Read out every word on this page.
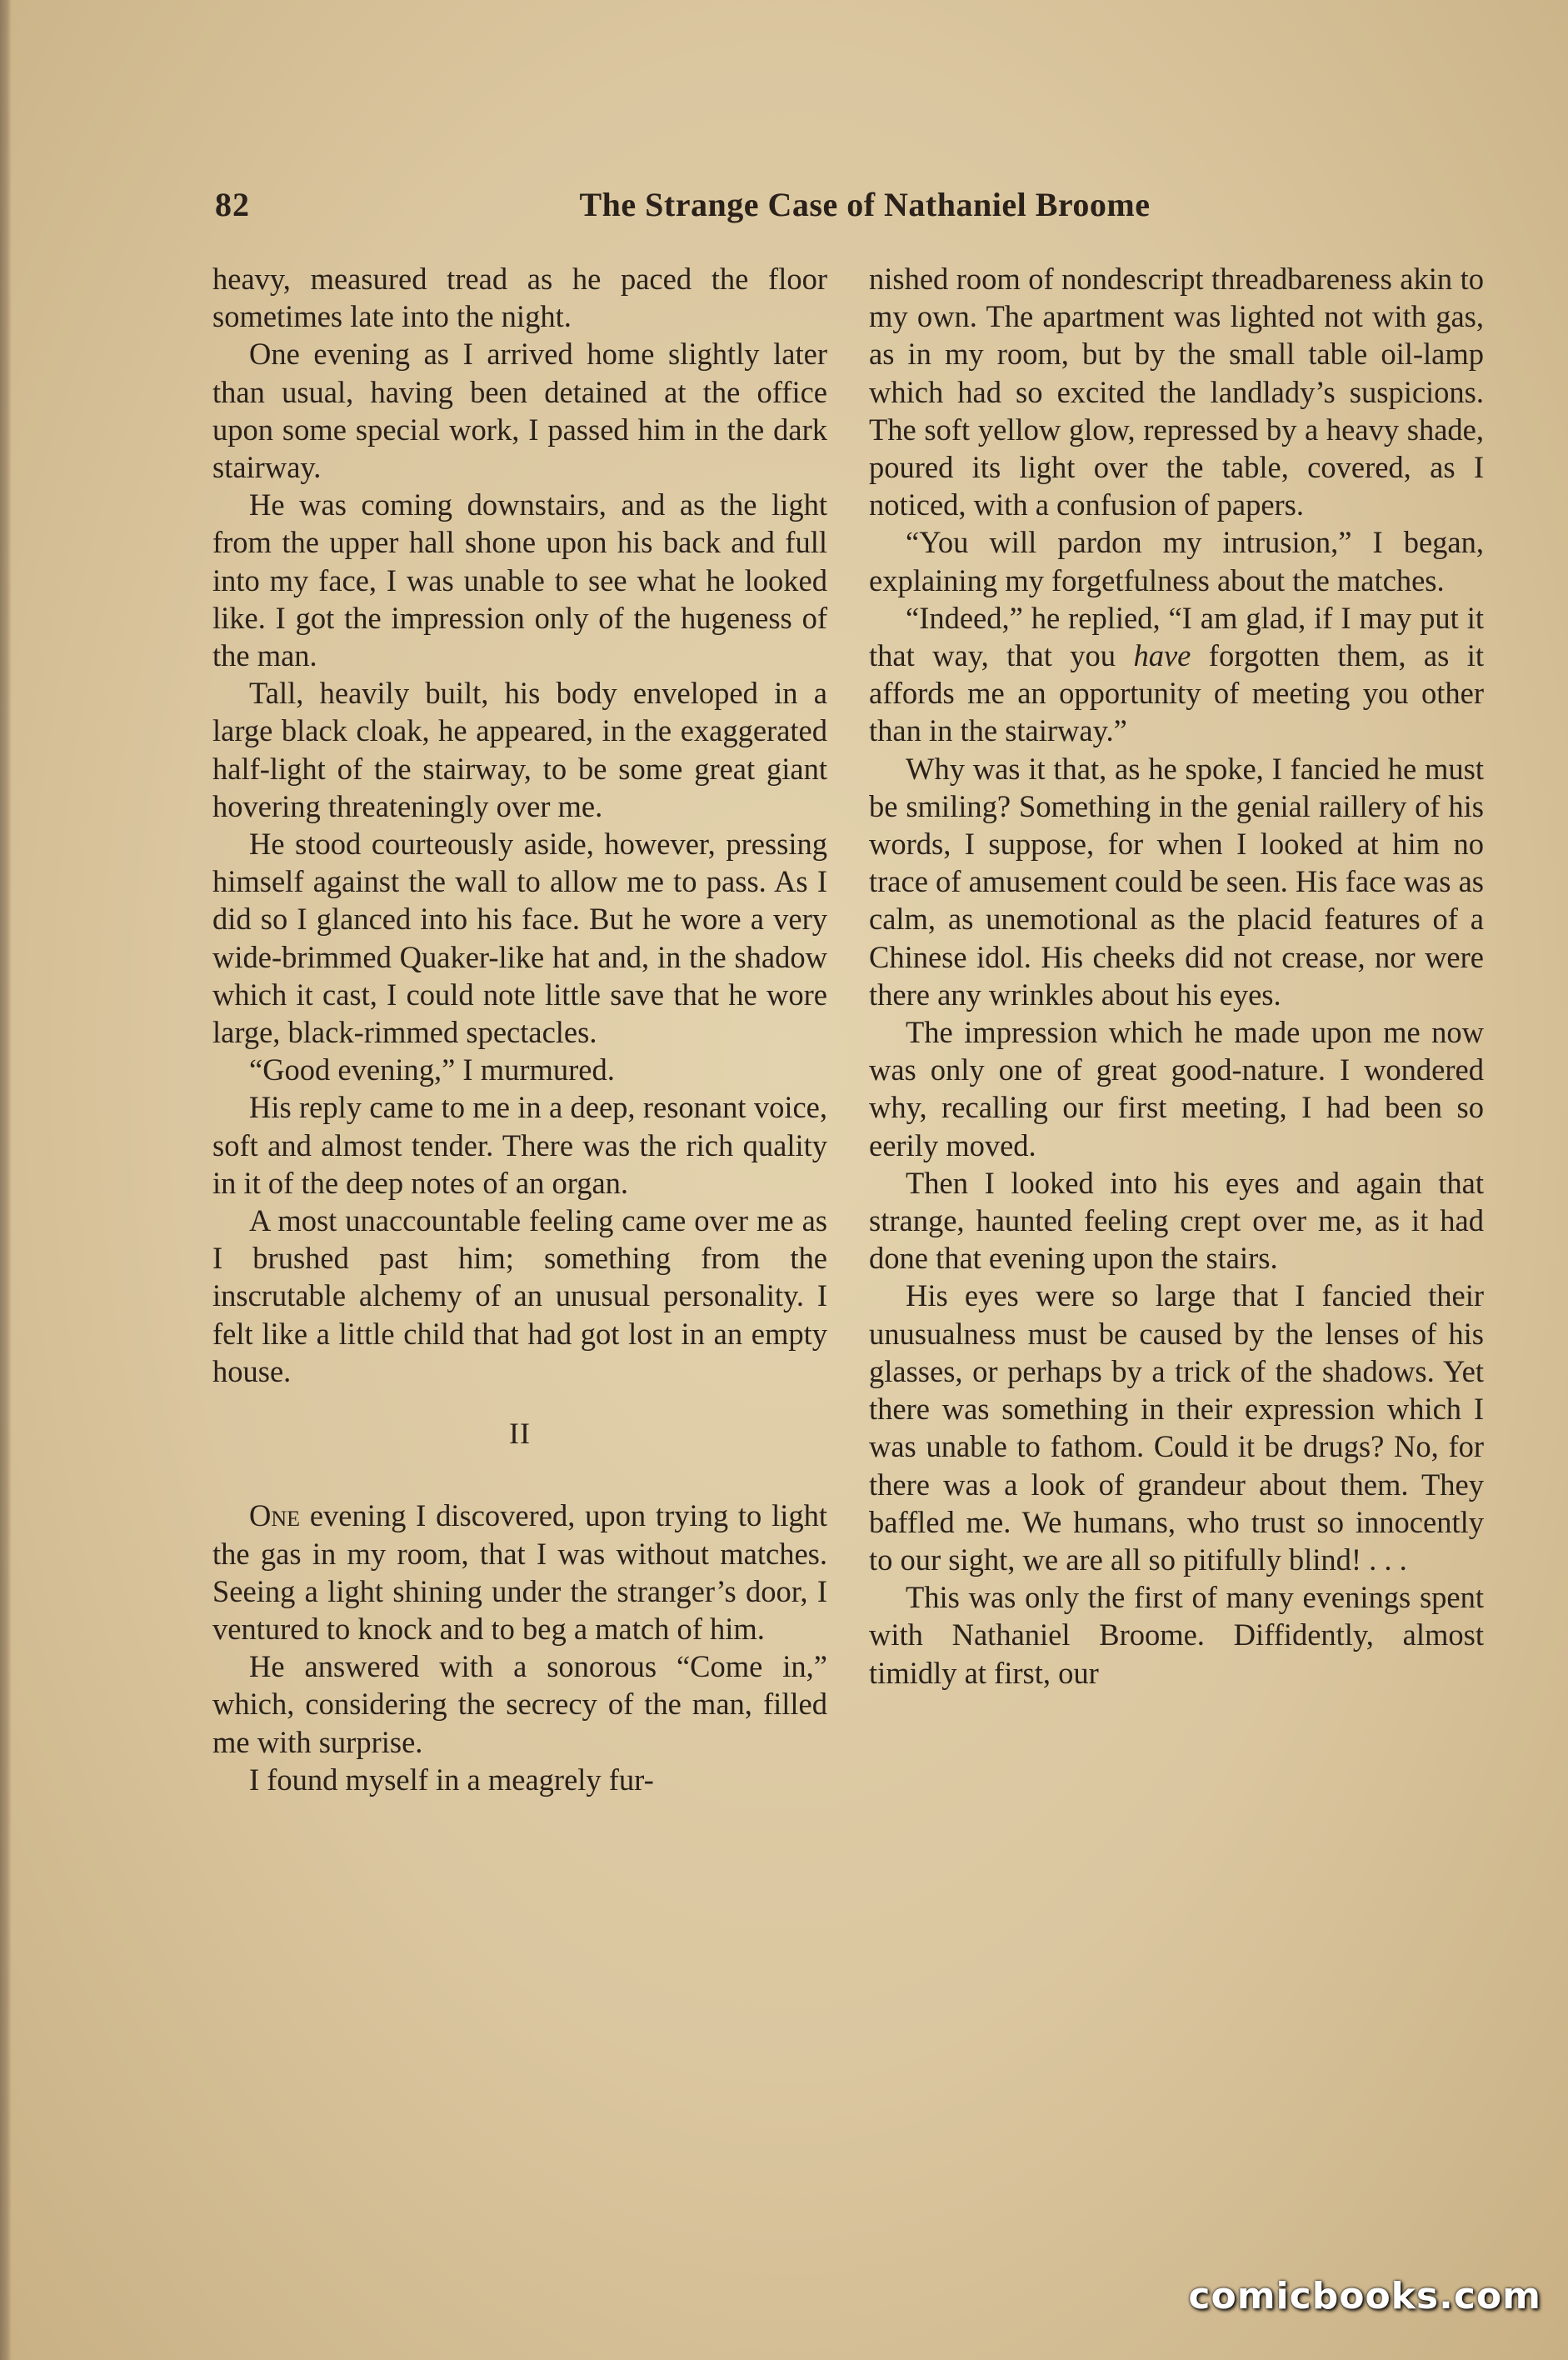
82	The Strange Case of Nathaniel Broome

heavy, measured tread as he paced the floor sometimes late into the night.

One evening as I arrived home slightly later than usual, having been detained at the office upon some special work, I passed him in the dark stairway.

He was coming downstairs, and as the light from the upper hall shone upon his back and full into my face, I was unable to see what he looked like. I got the impression only of the hugeness of the man.

Tall, heavily built, his body enveloped in a large black cloak, he appeared, in the exaggerated half-light of the stairway, to be some great giant hovering threateningly over me.

He stood courteously aside, however, pressing himself against the wall to allow me to pass. As I did so I glanced into his face. But he wore a very wide-brimmed Quaker-like hat and, in the shadow which it cast, I could note little save that he wore large, black-rimmed spectacles.

“Good evening,” I murmured.

His reply came to me in a deep, resonant voice, soft and almost tender. There was the rich quality in it of the deep notes of an organ.

A most unaccountable feeling came over me as I brushed past him; something from the inscrutable alchemy of an unusual personality. I felt like a little child that had got lost in an empty house.

II

One evening I discovered, upon trying to light the gas in my room, that I was without matches. Seeing a light shining under the stranger’s door, I ventured to knock and to beg a match of him.

He answered with a sonorous “Come in,” which, considering the secrecy of the man, filled me with surprise.

I found myself in a meagrely fur-

nished room of nondescript threadbareness akin to my own. The apartment was lighted not with gas, as in my room, but by the small table oil-lamp which had so excited the landlady’s suspicions. The soft yellow glow, repressed by a heavy shade, poured its light over the table, covered, as I noticed, with a confusion of papers.

“You will pardon my intrusion,” I began, explaining my forgetfulness about the matches.

“Indeed,” he replied, “I am glad, if I may put it that way, that you have forgotten them, as it affords me an opportunity of meeting you other than in the stairway.”

Why was it that, as he spoke, I fancied he must be smiling? Something in the genial raillery of his words, I suppose, for when I looked at him no trace of amusement could be seen. His face was as calm, as unemotional as the placid features of a Chinese idol. His cheeks did not crease, nor were there any wrinkles about his eyes.

The impression which he made upon me now was only one of great good-nature. I wondered why, recalling our first meeting, I had been so eerily moved.

Then I looked into his eyes and again that strange, haunted feeling crept over me, as it had done that evening upon the stairs.

His eyes were so large that I fancied their unusualness must be caused by the lenses of his glasses, or perhaps by a trick of the shadows. Yet there was something in their expression which I was unable to fathom. Could it be drugs? No, for there was a look of grandeur about them. They baffled me. We humans, who trust so innocently to our sight, we are all so pitifully blind! . . .

This was only the first of many evenings spent with Nathaniel Broome. Diffidently, almost timidly at first, our

comicbooks.com
